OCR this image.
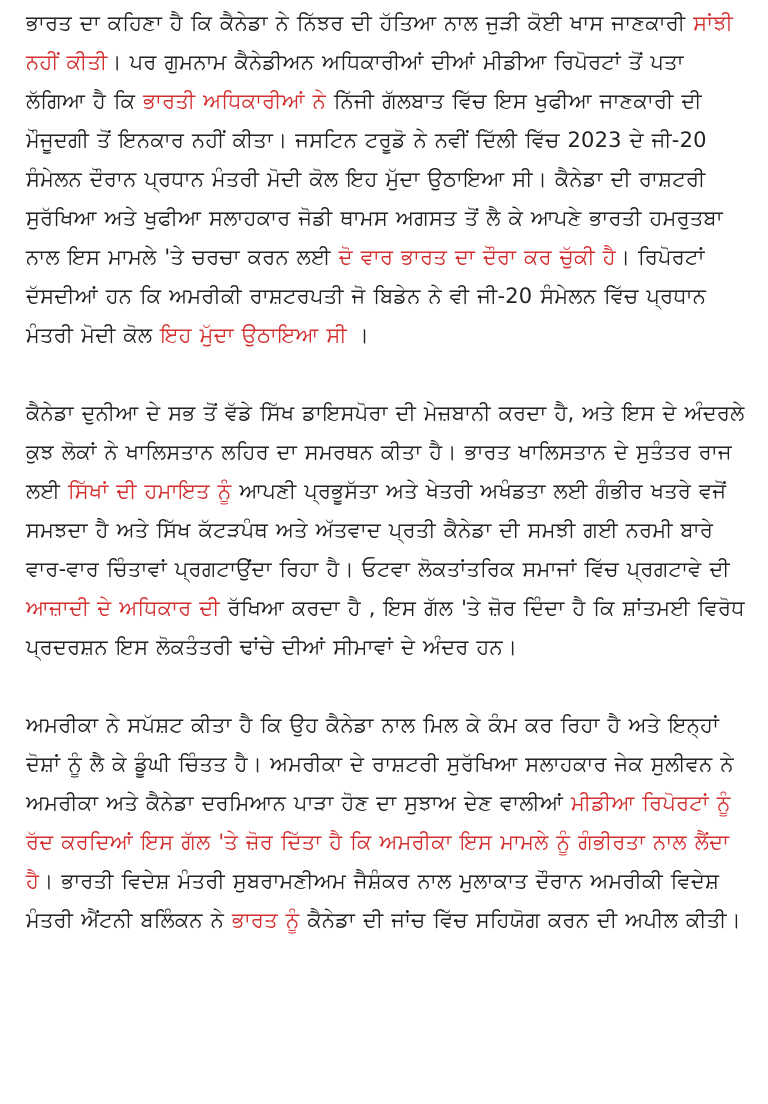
ਭਾਰਤ ਦਾ ਕਹਿਣਾ ਹੈ ਕਿ ਕੈਨੇਡਾ ਨੇ ਨਿੱਝਰ ਦੀ ਹੱਤਿਆ ਨਾਲ ਜੁੜੀ ਕੋਈ ਖਾਸ ਜਾਣਕਾਰੀ ਸਾਂਝੀ ਨਹੀਂ ਕੀਤੀ। ਪਰ ਗੁਮਨਾਮ ਕੈਨੇਡੀਅਨ ਅਧਿਕਾਰੀਆਂ ਦੀਆਂ ਮੀਡੀਆ ਰਿਪੋਰਟਾਂ ਤੋਂ ਪਤਾ ਲੱਗਿਆ ਹੈ ਕਿ ਭਾਰਤੀ ਅਧਿਕਾਰੀਆਂ ਨੇ ਨਿੱਜੀ ਗੱਲਬਾਤ ਵਿੱਚ ਇਸ ਖੁਫੀਆ ਜਾਣਕਾਰੀ ਦੀ ਮੌਜੂਦਗੀ ਤੋਂ ਇਨਕਾਰ ਨਹੀਂ ਕੀਤਾ। ਜਸਟਿਨ ਟਰੂਡੋ ਨੇ ਨਵੀਂ ਦਿੱਲੀ ਵਿੱਚ 2023 ਦੇ ਜੀ-20 ਸੰਮੇਲਨ ਦੌਰਾਨ ਪ੍ਰਧਾਨ ਮੰਤਰੀ ਮੋਦੀ ਕੋਲ ਇਹ ਮੁੱਦਾ ਉਠਾਇਆ ਸੀ। ਕੈਨੇਡਾ ਦੀ ਰਾਸ਼ਟਰੀ ਸੁਰੱਖਿਆ ਅਤੇ ਖੁਫੀਆ ਸਲਾਹਕਾਰ ਜੋਡੀ ਥਾਮਸ ਅਗਸਤ ਤੋਂ ਲੈ ਕੇ ਆਪਣੇ ਭਾਰਤੀ ਹਮਰੁਤਬਾ ਨਾਲ ਇਸ ਮਾਮਲੇ 'ਤੇ ਚਰਚਾ ਕਰਨ ਲਈ ਦੋ ਵਾਰ ਭਾਰਤ ਦਾ ਦੌਰਾ ਕਰ ਚੁੱਕੀ ਹੈ। ਰਿਪੋਰਟਾਂ ਦੱਸਦੀਆਂ ਹਨ ਕਿ ਅਮਰੀਕੀ ਰਾਸ਼ਟਰਪਤੀ ਜੋ ਬਿਡੇਨ ਨੇ ਵੀ ਜੀ-20 ਸੰਮੇਲਨ ਵਿੱਚ ਪ੍ਰਧਾਨ ਮੰਤਰੀ ਮੋਦੀ ਕੋਲ ਇਹ ਮੁੱਦਾ ਉਠਾਇਆ ਸੀ ।

ਕੈਨੇਡਾ ਦੁਨੀਆ ਦੇ ਸਭ ਤੋਂ ਵੱਡੇ ਸਿੱਖ ਡਾਇਸਪੋਰਾ ਦੀ ਮੇਜ਼ਬਾਨੀ ਕਰਦਾ ਹੈ, ਅਤੇ ਇਸ ਦੇ ਅੰਦਰਲੇ ਕੁਝ ਲੋਕਾਂ ਨੇ ਖਾਲਿਸਤਾਨ ਲਹਿਰ ਦਾ ਸਮਰਥਨ ਕੀਤਾ ਹੈ। ਭਾਰਤ ਖਾਲਿਸਤਾਨ ਦੇ ਸੁਤੰਤਰ ਰਾਜ ਲਈ ਸਿੱਖਾਂ ਦੀ ਹਮਾਇਤ ਨੂੰ ਆਪਣੀ ਪ੍ਰਭੂਸੱਤਾ ਅਤੇ ਖੇਤਰੀ ਅਖੰਡਤਾ ਲਈ ਗੰਭੀਰ ਖਤਰੇ ਵਜੋਂ ਸਮਝਦਾ ਹੈ ਅਤੇ ਸਿੱਖ ਕੱਟੜਪੰਥ ਅਤੇ ਅੱਤਵਾਦ ਪ੍ਰਤੀ ਕੈਨੇਡਾ ਦੀ ਸਮਝੀ ਗਈ ਨਰਮੀ ਬਾਰੇ ਵਾਰ-ਵਾਰ ਚਿੰਤਾਵਾਂ ਪ੍ਰਗਟਾਉਂਦਾ ਰਿਹਾ ਹੈ। ਓਟਵਾ ਲੋਕਤਾਂਤਰਿਕ ਸਮਾਜਾਂ ਵਿੱਚ ਪ੍ਰਗਟਾਵੇ ਦੀ ਆਜ਼ਾਦੀ ਦੇ ਅਧਿਕਾਰ ਦੀ ਰੱਖਿਆ ਕਰਦਾ ਹੈ , ਇਸ ਗੱਲ 'ਤੇ ਜ਼ੋਰ ਦਿੰਦਾ ਹੈ ਕਿ ਸ਼ਾਂਤਮਈ ਵਿਰੋਧ ਪ੍ਰਦਰਸ਼ਨ ਇਸ ਲੋਕਤੰਤਰੀ ਢਾਂਚੇ ਦੀਆਂ ਸੀਮਾਵਾਂ ਦੇ ਅੰਦਰ ਹਨ।

ਅਮਰੀਕਾ ਨੇ ਸਪੱਸ਼ਟ ਕੀਤਾ ਹੈ ਕਿ ਉਹ ਕੈਨੇਡਾ ਨਾਲ ਮਿਲ ਕੇ ਕੰਮ ਕਰ ਰਿਹਾ ਹੈ ਅਤੇ ਇਨ੍ਹਾਂ ਦੋਸ਼ਾਂ ਨੂੰ ਲੈ ਕੇ ਡੂੰਘੀ ਚਿੰਤਤ ਹੈ। ਅਮਰੀਕਾ ਦੇ ਰਾਸ਼ਟਰੀ ਸੁਰੱਖਿਆ ਸਲਾਹਕਾਰ ਜੇਕ ਸੁਲੀਵਨ ਨੇ ਅਮਰੀਕਾ ਅਤੇ ਕੈਨੇਡਾ ਦਰਮਿਆਨ ਪਾੜਾ ਹੋਣ ਦਾ ਸੁਝਾਅ ਦੇਣ ਵਾਲੀਆਂ ਮੀਡੀਆ ਰਿਪੋਰਟਾਂ ਨੂੰ ਰੱਦ ਕਰਦਿਆਂ ਇਸ ਗੱਲ 'ਤੇ ਜ਼ੋਰ ਦਿੱਤਾ ਹੈ ਕਿ ਅਮਰੀਕਾ ਇਸ ਮਾਮਲੇ ਨੂੰ ਗੰਭੀਰਤਾ ਨਾਲ ਲੈਂਦਾ ਹੈ। ਭਾਰਤੀ ਵਿਦੇਸ਼ ਮੰਤਰੀ ਸੁਬਰਾਮਣੀਅਮ ਜੈਸ਼ੰਕਰ ਨਾਲ ਮੁਲਾਕਾਤ ਦੌਰਾਨ ਅਮਰੀਕੀ ਵਿਦੇਸ਼ ਮੰਤਰੀ ਐਂਟਨੀ ਬਲਿੰਕਨ ਨੇ ਭਾਰਤ ਨੂੰ ਕੈਨੇਡਾ ਦੀ ਜਾਂਚ ਵਿੱਚ ਸਹਿਯੋਗ ਕਰਨ ਦੀ ਅਪੀਲ ਕੀਤੀ।
